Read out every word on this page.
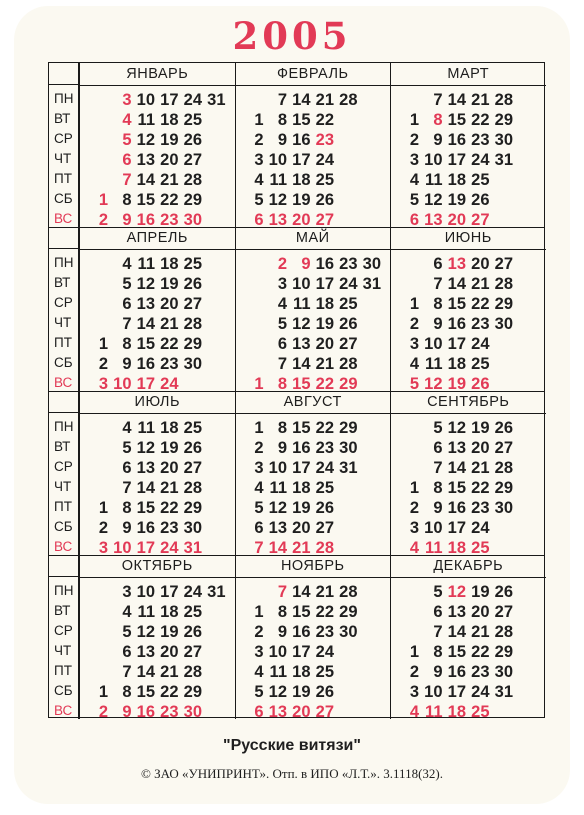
2005
ПН
ВТ
СР
ЧТ
ПТ
СБ
ВС
ЯНВАРЬ
1
2
3
4
5
6
7
8
9
10
11
12
13
14
15
16
17
18
19
20
21
22
23
24
25
26
27
28
29
30
31
ФЕВРАЛЬ
1
2
3
4
5
6
7
8
9
10
11
12
13
14
15
16
17
18
19
20
21
22
23
24
25
26
27
28
МАРТ
1
2
3
4
5
6
7
8
9
10
11
12
13
14
15
16
17
18
19
20
21
22
23
24
25
26
27
28
29
30
31
ПН
ВТ
СР
ЧТ
ПТ
СБ
ВС
АПРЕЛЬ
1
2
3
4
5
6
7
8
9
10
11
12
13
14
15
16
17
18
19
20
21
22
23
24
25
26
27
28
29
30
МАЙ
1
2
3
4
5
6
7
8
9
10
11
12
13
14
15
16
17
18
19
20
21
22
23
24
25
26
27
28
29
30
31
ИЮНЬ
1
2
3
4
5
6
7
8
9
10
11
12
13
14
15
16
17
18
19
20
21
22
23
24
25
26
27
28
29
30
ПН
ВТ
СР
ЧТ
ПТ
СБ
ВС
ИЮЛЬ
1
2
3
4
5
6
7
8
9
10
11
12
13
14
15
16
17
18
19
20
21
22
23
24
25
26
27
28
29
30
31
АВГУСТ
1
2
3
4
5
6
7
8
9
10
11
12
13
14
15
16
17
18
19
20
21
22
23
24
25
26
27
28
29
30
31
СЕНТЯБРЬ
1
2
3
4
5
6
7
8
9
10
11
12
13
14
15
16
17
18
19
20
21
22
23
24
25
26
27
28
29
30
ПН
ВТ
СР
ЧТ
ПТ
СБ
ВС
ОКТЯБРЬ
1
2
3
4
5
6
7
8
9
10
11
12
13
14
15
16
17
18
19
20
21
22
23
24
25
26
27
28
29
30
31
НОЯБРЬ
1
2
3
4
5
6
7
8
9
10
11
12
13
14
15
16
17
18
19
20
21
22
23
24
25
26
27
28
29
30
ДЕКАБРЬ
1
2
3
4
5
6
7
8
9
10
11
12
13
14
15
16
17
18
19
20
21
22
23
24
25
26
27
28
29
30
31
"Русские витязи"
© ЗАО «УНИПРИНТ». Отп. в ИПО «Л.Т.». 3.1118(32).
